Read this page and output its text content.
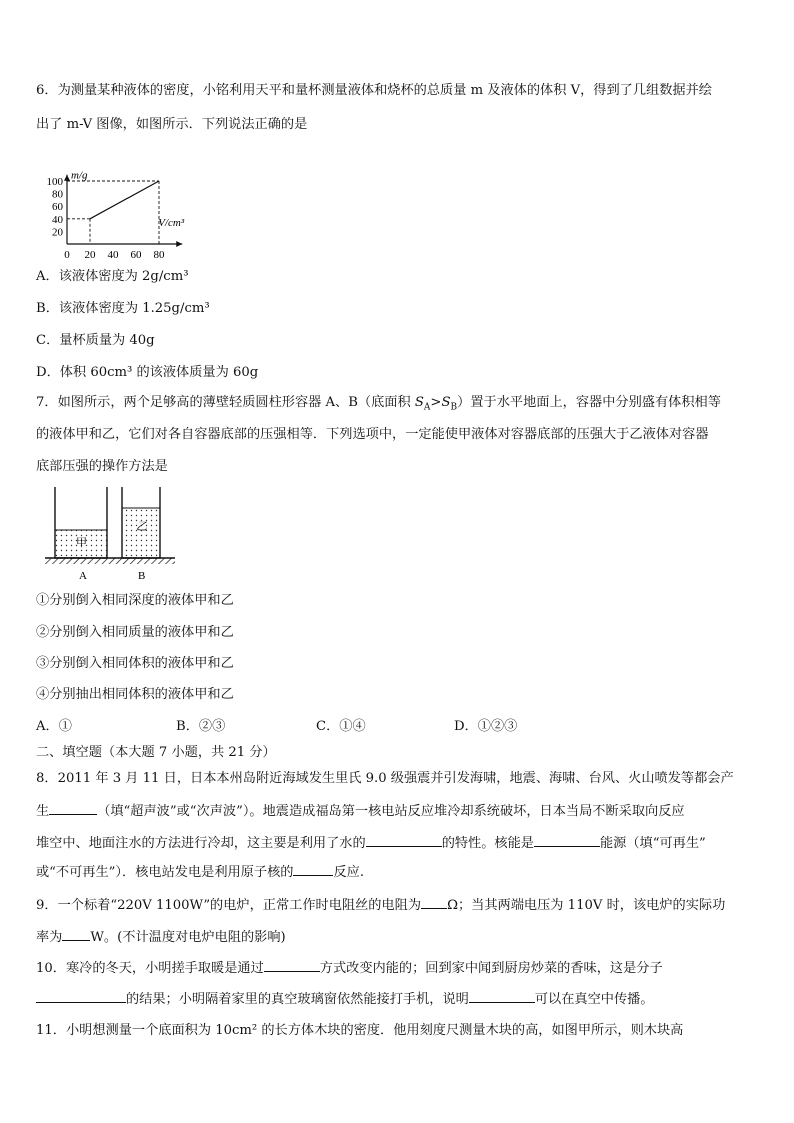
6．为测量某种液体的密度，小铭利用天平和量杯测量液体和烧杯的总质量 m 及液体的体积 V，得到了几组数据并绘
出了 m-V 图像，如图所示．下列说法正确的是
0 20 40 60 80
20
40
60
80
100
m/g
V/cm³
A．该液体密度为 2g/cm³
B．该液体密度为 1.25g/cm³
C．量杯质量为 40g
D．体积 60cm³ 的该液体质量为 60g
7．如图所示，两个足够高的薄壁轻质圆柱形容器 A、B（底面积 $S_A>S_B$）置于水平地面上，容器中分别盛有体积相等
的液体甲和乙，它们对各自容器底部的压强相等．下列选项中，一定能使甲液体对容器底部的压强大于乙液体对容器
底部压强的操作方法是
甲
乙
A	B
①分别倒入相同深度的液体甲和乙
②分别倒入相同质量的液体甲和乙
③分别倒入相同体积的液体甲和乙
④分别抽出相同体积的液体甲和乙
A．①	B．②③	C．①④	D．①②③
二、填空题（本大题 7 小题，共 21 分）
8．2011 年 3 月 11 日，日本本州岛附近海域发生里氏 9.0 级强震并引发海啸，地震、海啸、台风、火山喷发等都会产
生	（填“超声波”或“次声波”）。地震造成福岛第一核电站反应堆冷却系统破坏，日本当局不断采取向反应
堆空中、地面注水的方法进行冷却，这主要是利用了水的	的特性。核能是	能源（填“可再生”
或“不可再生”）．核电站发电是利用原子核的	反应.
9．一个标着“220V 1100W”的电炉，正常工作时电阻丝的电阻为 Ω；当其两端电压为 110V 时，该电炉的实际功
率为 W。(不计温度对电炉电阻的影响)
10．寒冷的冬天，小明搓手取暖是通过	方式改变内能的；回到家中闻到厨房炒菜的香味，这是分子
的结果；小明隔着家里的真空玻璃窗依然能接打手机，说明	可以在真空中传播。
11．小明想测量一个底面积为 10cm² 的长方体木块的密度．他用刻度尺测量木块的高，如图甲所示，则木块高
